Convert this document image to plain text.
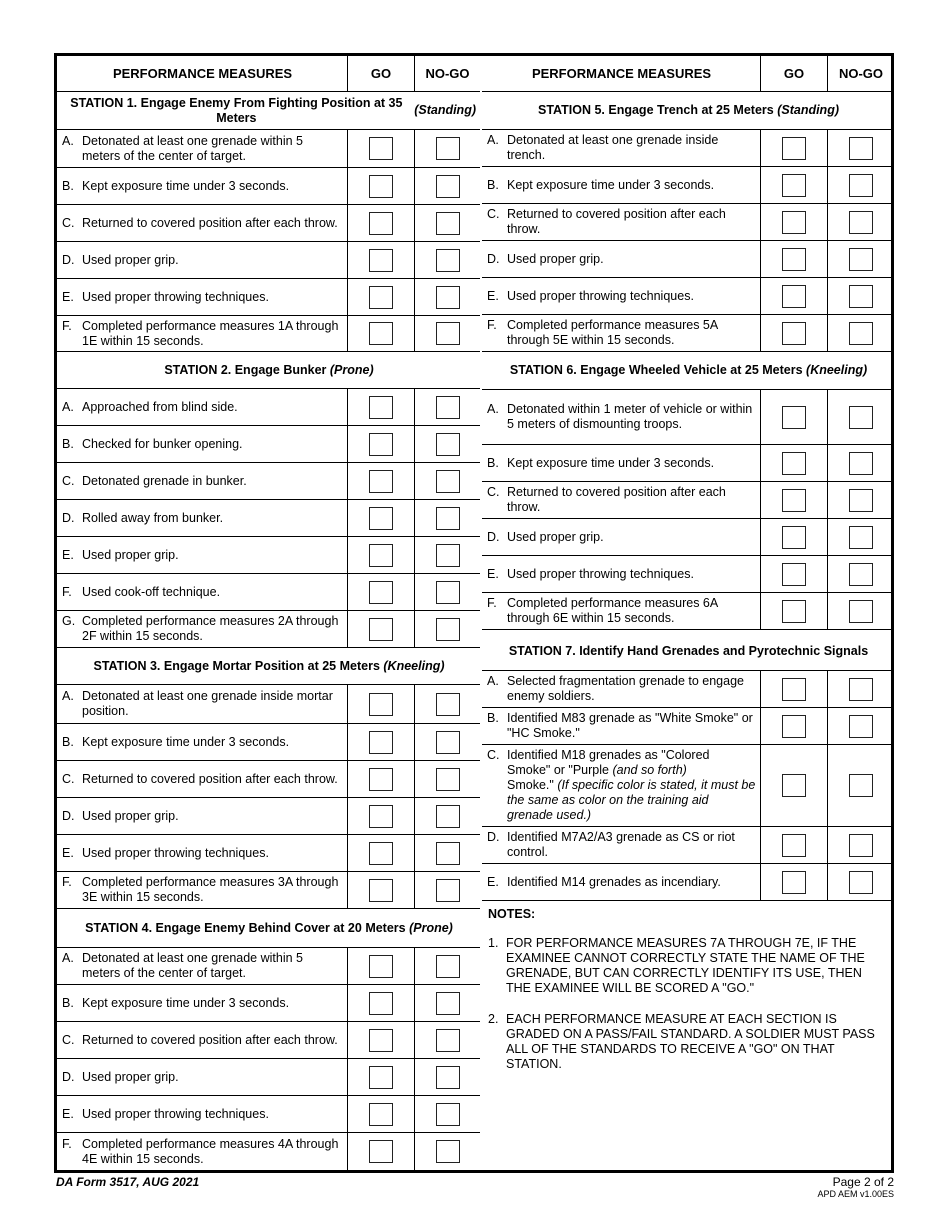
PERFORMANCE MEASURES	GO	NO-GO
STATION 1. Engage Enemy From Fighting Position at 35 Meters

(Standing)
A. Detonated at least one grenade within 5 meters of the center of target.
B. Kept exposure time under 3 seconds.
C. Returned to covered position after each throw.
D. Used proper grip.
E. Used proper throwing techniques.
F. Completed performance measures 1A through 1E within 15 seconds.
STATION 2. Engage Bunker
(Prone)
A. Approached from blind side.
B. Checked for bunker opening.
C. Detonated grenade in bunker.
D. Rolled away from bunker.
E. Used proper grip.
F. Used cook-off technique.
G. Completed performance measures 2A through 2F within 15 seconds.
STATION 3. Engage Mortar Position at 25 Meters
(Kneeling)
A. Detonated at least one grenade inside mortar position.
B. Kept exposure time under 3 seconds.
C. Returned to covered position after each throw.
D. Used proper grip.
E. Used proper throwing techniques.
F. Completed performance measures 3A through 3E within 15 seconds.
STATION 4. Engage Enemy Behind Cover at 20 Meters
(Prone)
A. Detonated at least one grenade within 5 meters of the center of target.
B. Kept exposure time under 3 seconds.
C. Returned to covered position after each throw.
D. Used proper grip.
E. Used proper throwing techniques.
F. Completed performance measures 4A through 4E within 15 seconds.
PERFORMANCE MEASURES	GO	NO-GO
STATION 5. Engage Trench at 25 Meters
(Standing)
A. Detonated at least one grenade inside trench.
B. Kept exposure time under 3 seconds.
C. Returned to covered position after each throw.
D. Used proper grip.
E. Used proper throwing techniques.
F. Completed performance measures 5A through 5E within 15 seconds.
STATION 6. Engage Wheeled Vehicle at 25 Meters
(Kneeling)
A. Detonated within 1 meter of vehicle or within 5 meters of dismounting troops.
B. Kept exposure time under 3 seconds.
C. Returned to covered position after each throw.
D. Used proper grip.
E. Used proper throwing techniques.
F. Completed performance measures 6A through 6E within 15 seconds.
STATION 7. Identify Hand Grenades and Pyrotechnic Signals
A. Selected fragmentation grenade to engage enemy soldiers.
B. Identified M83 grenade as "White Smoke" or "HC Smoke."
C. Identified M18 grenades as "Colored Smoke" or "Purple (and so forth)
Smoke." (If specific color is stated, it must be the same as color on the training aid grenade used.)
D. Identified M7A2/A3 grenade as CS or riot control.
E. Identified M14 grenades as incendiary.
NOTES:
1. FOR PERFORMANCE MEASURES 7A THROUGH 7E, IF THE EXAMINEE CANNOT CORRECTLY STATE THE NAME OF THE GRENADE, BUT CAN CORRECTLY IDENTIFY ITS USE, THEN THE EXAMINEE WILL BE SCORED A "GO."
2. EACH PERFORMANCE MEASURE AT EACH SECTION IS GRADED ON A PASS/FAIL STANDARD. A SOLDIER MUST PASS ALL OF THE STANDARDS TO RECEIVE A "GO" ON THAT STATION.
DA Form 3517, AUG 2021	Page 2 of 2
APD AEM v1.00ES
